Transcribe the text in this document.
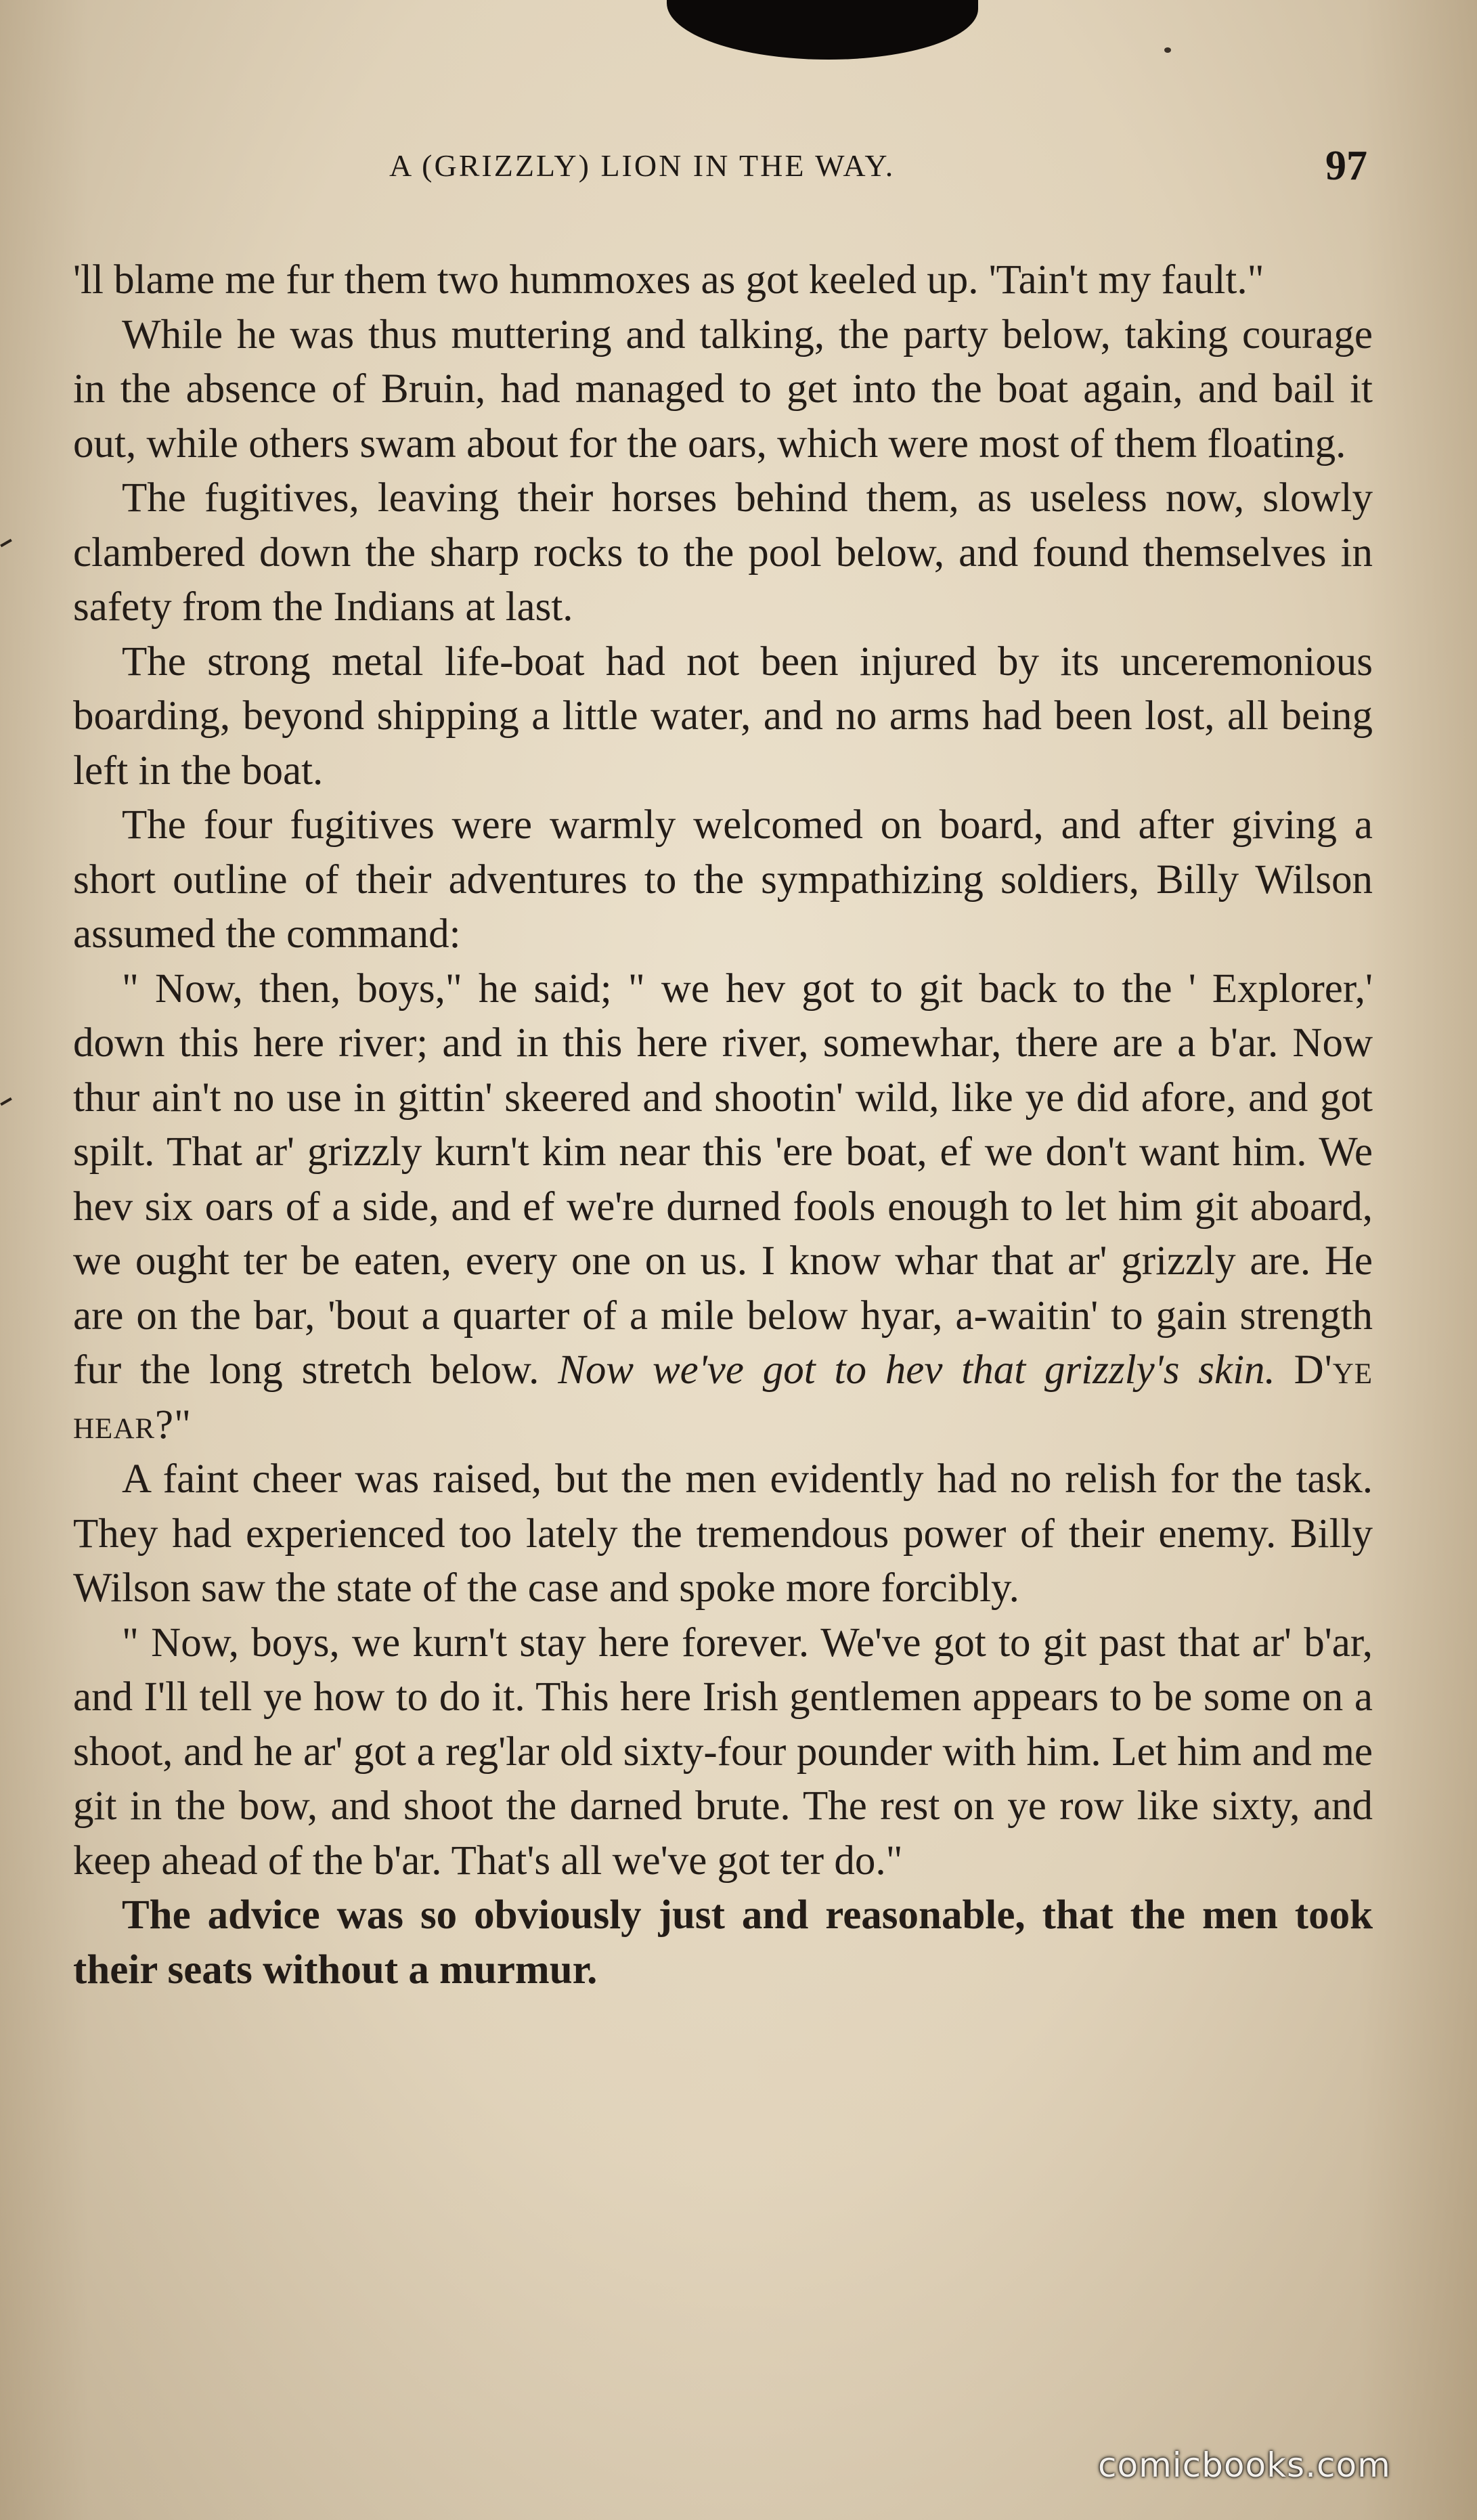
A (GRIZZLY) LION IN THE WAY.	97

'll blame me fur them two hummoxes as got keeled up. 'Tain't my fault."

While he was thus muttering and talking, the party below, taking courage in the absence of Bruin, had managed to get into the boat again, and bail it out, while others swam about for the oars, which were most of them floating.

The fugitives, leaving their horses behind them, as useless now, slowly clambered down the sharp rocks to the pool below, and found themselves in safety from the Indians at last.

The strong metal life-boat had not been injured by its unceremonious boarding, beyond shipping a little water, and no arms had been lost, all being left in the boat.

The four fugitives were warmly welcomed on board, and after giving a short outline of their adventures to the sympathizing soldiers, Billy Wilson assumed the command:

" Now, then, boys," he said; " we hev got to git back to the ' Explorer,' down this here river; and in this here river, somewhar, there are a b'ar. Now thur ain't no use in gittin' skeered and shootin' wild, like ye did afore, and got spilt. That ar' grizzly kurn't kim near this 'ere boat, ef we don't want him. We hev six oars of a side, and ef we're durned fools enough to let him git aboard, we ought ter be eaten, every one on us. I know whar that ar' grizzly are. He are on the bar, 'bout a quarter of a mile below hyar, a-waitin' to gain strength fur the long stretch below. Now we've got to hev that grizzly's skin. D'ye hear?"

A faint cheer was raised, but the men evidently had no relish for the task. They had experienced too lately the tremendous power of their enemy. Billy Wilson saw the state of the case and spoke more forcibly.

" Now, boys, we kurn't stay here forever. We've got to git past that ar' b'ar, and I'll tell ye how to do it. This here Irish gentlemen appears to be some on a shoot, and he ar' got a reg'lar old sixty-four pounder with him. Let him and me git in the bow, and shoot the darned brute. The rest on ye row like sixty, and keep ahead of the b'ar. That's all we've got ter do."

The advice was so obviously just and reasonable, that the men took their seats without a murmur.

comicbooks.com
